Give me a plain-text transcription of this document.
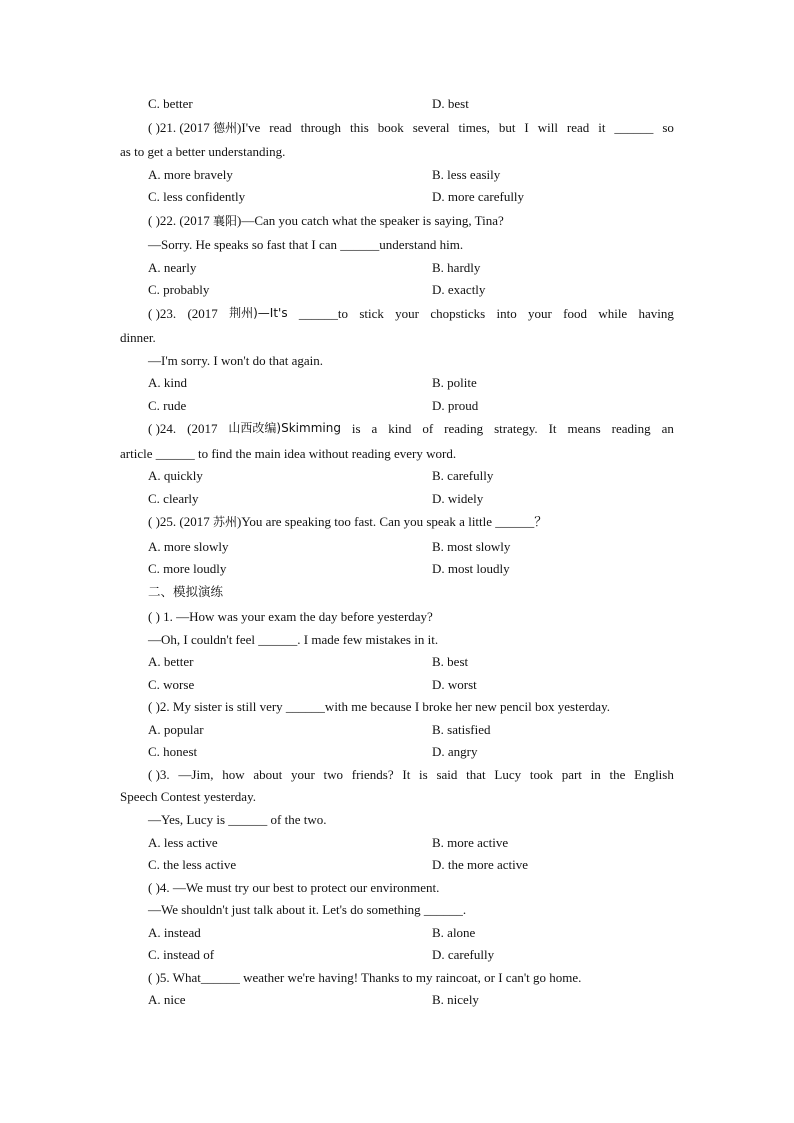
C. better	D. best
( )21. (2017 德州)I've read through this book several times, but I will read it ______ so
as to get a better understanding.
A. more bravely	B. less easily
C. less confidently	D. more carefully
( )22. (2017 襄阳)—Can you catch what the speaker is saying, Tina?
—Sorry. He speaks so fast that I can ______understand him.
A. nearly	B. hardly
C. probably	D. exactly
( )23. (2017 荆州)—It's ______to stick your chopsticks into your food while having
dinner.
—I'm sorry. I won't do that again.
A. kind	B. polite
C. rude	D. proud
( )24. (2017 山西改编)Skimming is a kind of reading strategy. It means reading an
article ______ to find the main idea without reading every word.
A. quickly	B. carefully
C. clearly	D. widely
( )25. (2017 苏州)You are speaking too fast. Can you speak a little ______？
A. more slowly	B. most slowly
C. more loudly	D. most loudly
二、模拟演练
( ) 1. —How was your exam the day before yesterday?
—Oh, I couldn't feel ______. I made few mistakes in it.
A. better	B. best
C. worse	D. worst
( )2. My sister is still very ______with me because I broke her new pencil box yesterday.
A. popular	B. satisfied
C. honest	D. angry
( )3. —Jim, how about your two friends? It is said that Lucy took part in the English
Speech Contest yesterday.
—Yes, Lucy is ______ of the two.
A. less active	B. more active
C. the less active	D. the more active
( )4. —We must try our best to protect our environment.
—We shouldn't just talk about it. Let's do something ______.
A. instead	B. alone
C. instead of	D. carefully
( )5. What______ weather we're having! Thanks to my raincoat, or I can't go home.
A. nice	B. nicely
